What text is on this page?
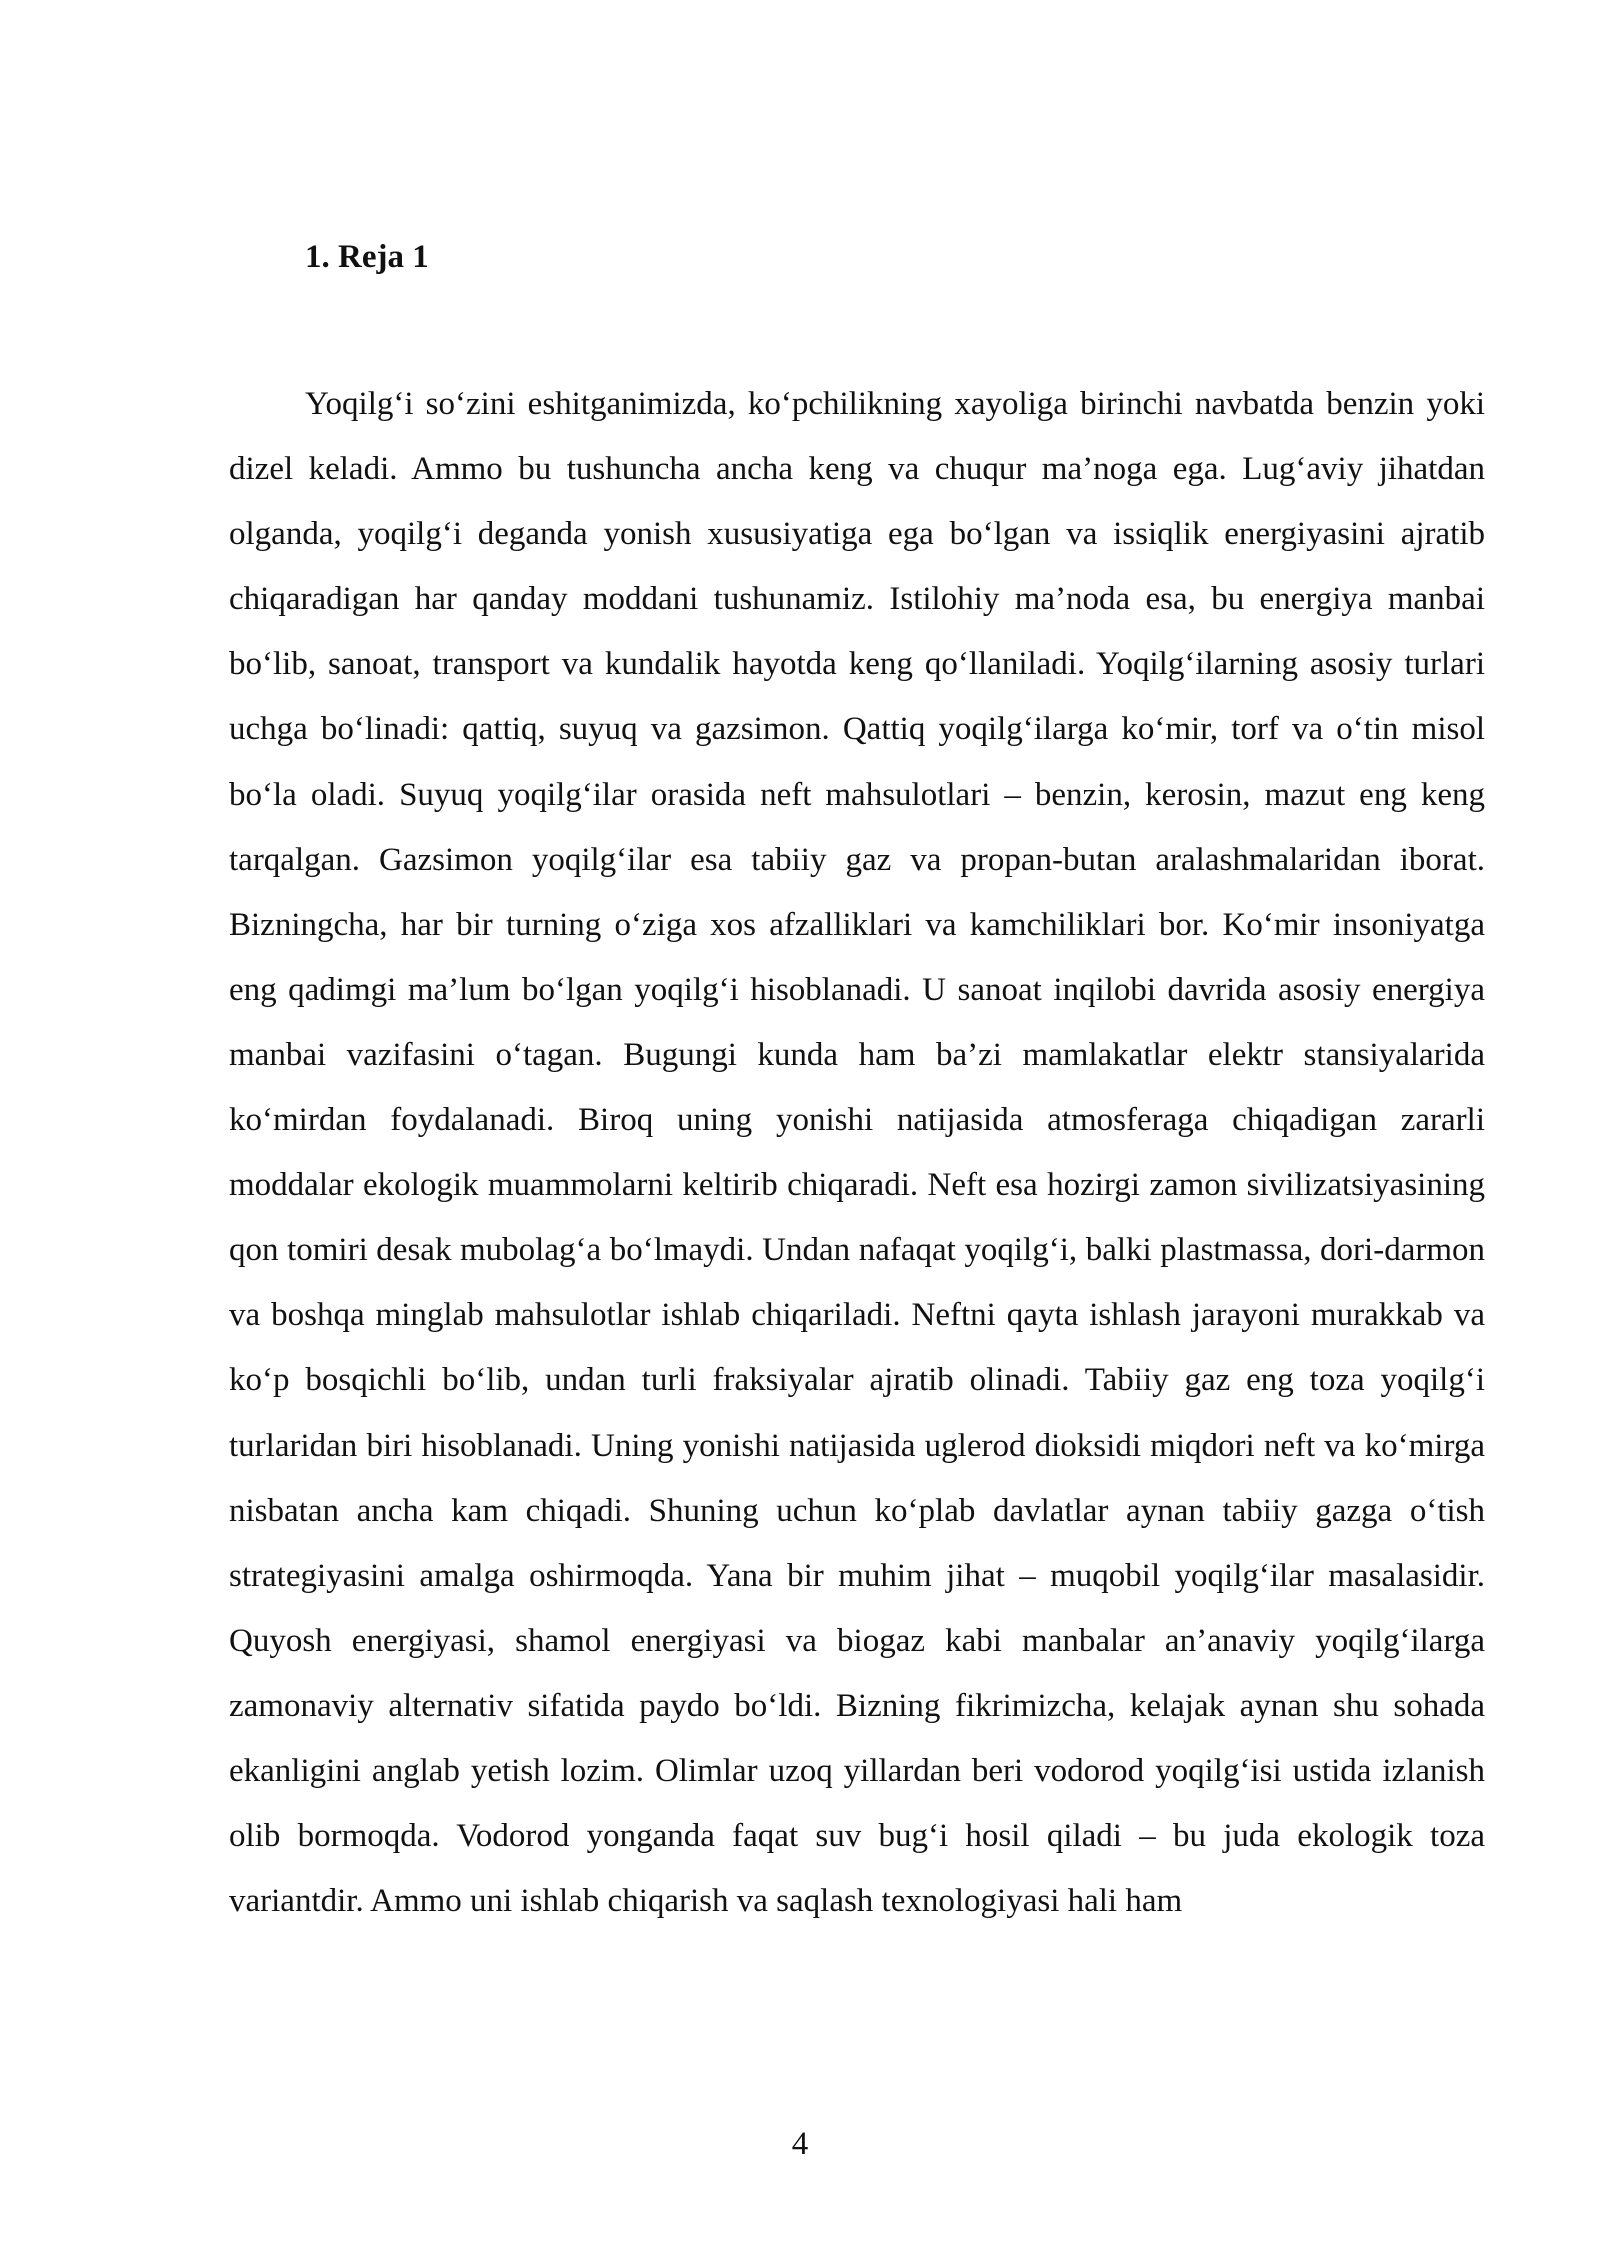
1. Reja 1

Yoqilg‘i so‘zini eshitganimizda, ko‘pchilikning xayoliga birinchi navbatda benzin yoki dizel keladi. Ammo bu tushuncha ancha keng va chuqur ma’noga ega. Lug‘aviy jihatdan olganda, yoqilg‘i deganda yonish xususiyatiga ega bo‘lgan va issiqlik energiyasini ajratib chiqaradigan har qanday moddani tushunamiz. Istilohiy ma’noda esa, bu energiya manbai bo‘lib, sanoat, transport va kundalik hayotda keng qo‘llaniladi. Yoqilg‘ilarning asosiy turlari uchga bo‘linadi: qattiq, suyuq va gazsimon. Qattiq yoqilg‘ilarga ko‘mir, torf va o‘tin misol bo‘la oladi. Suyuq yoqilg‘ilar orasida neft mahsulotlari – benzin, kerosin, mazut eng keng tarqalgan. Gazsimon yoqilg‘ilar esa tabiiy gaz va propan-butan aralashmalaridan iborat. Bizningcha, har bir turning o‘ziga xos afzalliklari va kamchiliklari bor. Ko‘mir insoniyatga eng qadimgi ma’lum bo‘lgan yoqilg‘i hisoblanadi. U sanoat inqilobi davrida asosiy energiya manbai vazifasini o‘tagan. Bugungi kunda ham ba’zi mamlakatlar elektr stansiyalarida ko‘mirdan foydalanadi. Biroq uning yonishi natijasida atmosferaga chiqadigan zararli moddalar ekologik muammolarni keltirib chiqaradi. Neft esa hozirgi zamon sivilizatsiyasining qon tomiri desak mubolag‘a bo‘lmaydi. Undan nafaqat yoqilg‘i, balki plastmassa, dori-darmon va boshqa minglab mahsulotlar ishlab chiqariladi. Neftni qayta ishlash jarayoni murakkab va ko‘p bosqichli bo‘lib, undan turli fraksiyalar ajratib olinadi. Tabiiy gaz eng toza yoqilg‘i turlaridan biri hisoblanadi. Uning yonishi natijasida uglerod dioksidi miqdori neft va ko‘mirga nisbatan ancha kam chiqadi. Shuning uchun ko‘plab davlatlar aynan tabiiy gazga o‘tish strategiyasini amalga oshirmoqda. Yana bir muhim jihat – muqobil yoqilg‘ilar masalasidir. Quyosh energiyasi, shamol energiyasi va biogaz kabi manbalar an’anaviy yoqilg‘ilarga zamonaviy alternativ sifatida paydo bo‘ldi. Bizning fikrimizcha, kelajak aynan shu sohada ekanligini anglab yetish lozim. Olimlar uzoq yillardan beri vodorod yoqilg‘isi ustida izlanish olib bormoqda. Vodorod yonganda faqat suv bug‘i hosil qiladi – bu juda ekologik toza variantdir. Ammo uni ishlab chiqarish va saqlash texnologiyasi hali ham

4
